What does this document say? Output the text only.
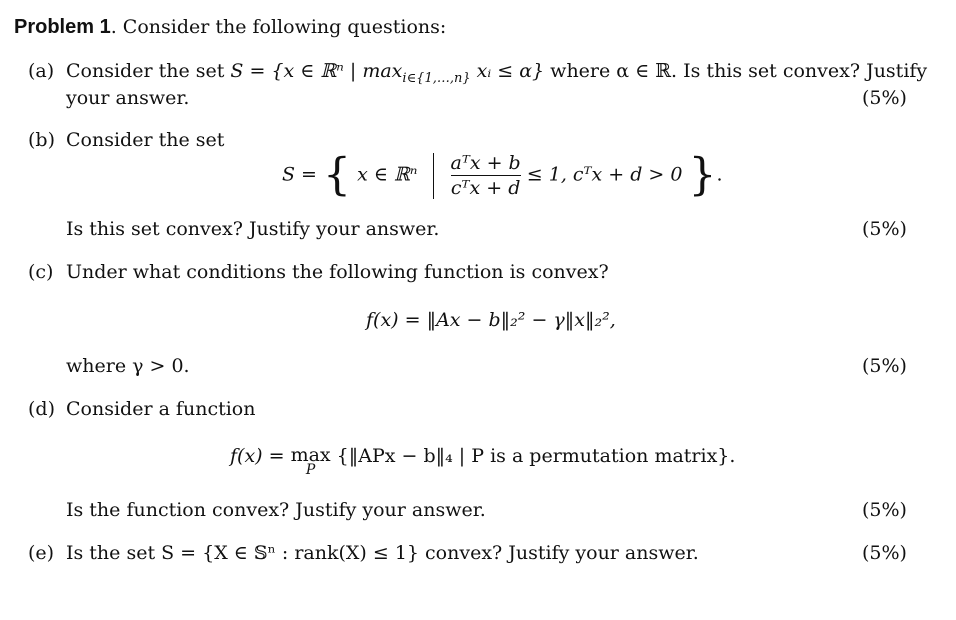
Problem 1. Consider the following questions:
(a) Consider the set S = {x ∈ ℝⁿ | $\max_{i\in\{1,\dots,n\}}$ xᵢ ≤ α} where α ∈ ℝ. Is this set convex? Justify
your answer.	(5%)
(b) Consider the set
S = { x ∈ ℝⁿ $\frac{\text{aᵀx + b}}{\text{cᵀx + d}} \le 1$, cᵀx + d > 0 }.
Is this set convex? Justify your answer.	(5%)
(c) Under what conditions the following function is convex?
f(x) = ‖Ax − b‖₂² − γ‖x‖₂²,
where γ > 0.	(5%)
(d) Consider a function
f(x) = max
P
{‖APx − b‖₄ | P is a permutation matrix}.
Is the function convex? Justify your answer.	(5%)
(e) Is the set S = {X ∈ 𝕊ⁿ : rank(X) ≤ 1} convex? Justify your answer.	(5%)
